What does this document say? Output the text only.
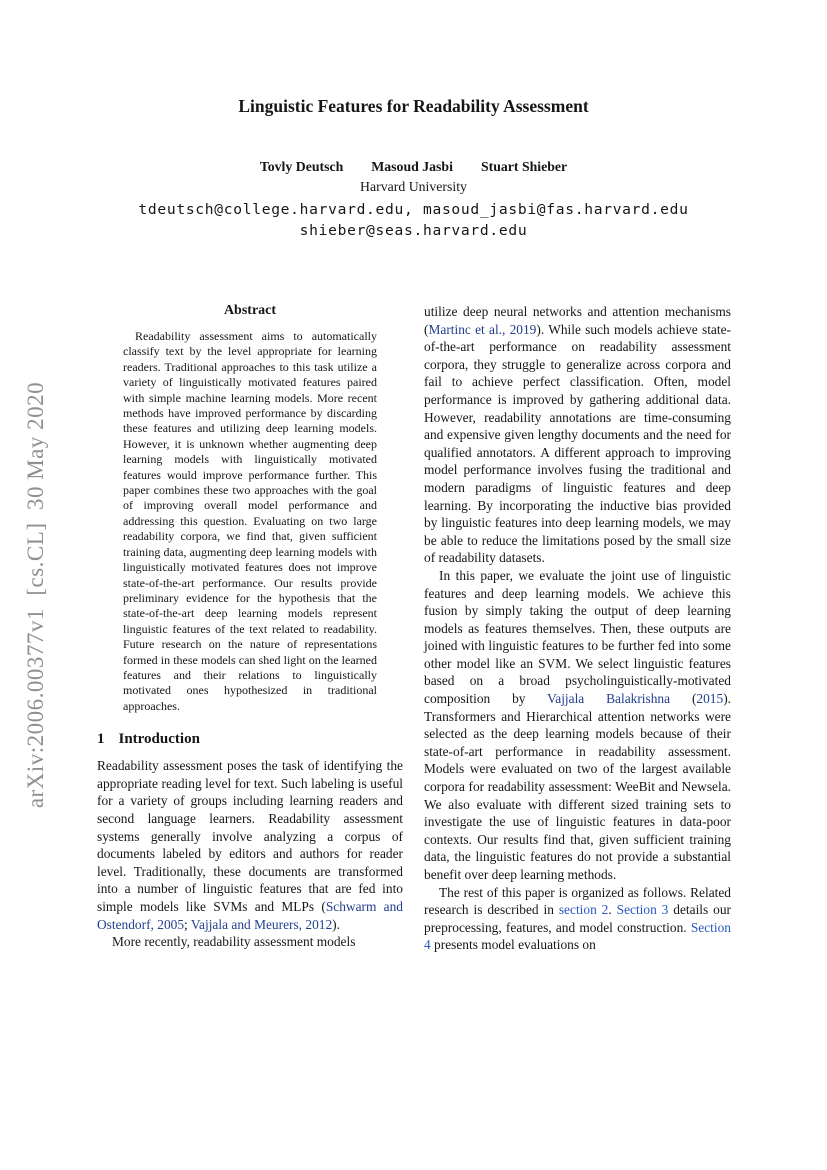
arXiv:2006.00377v1  [cs.CL]  30 May 2020
Linguistic Features for Readability Assessment
Tovly Deutsch Masoud Jasbi Stuart Shieber
Harvard University
tdeutsch@college.harvard.edu, masoud_jasbi@fas.harvard.edu
shieber@seas.harvard.edu
Abstract

Readability assessment aims to automatically classify text by the level appropriate for learning readers. Traditional approaches to this task utilize a variety of linguistically motivated features paired with simple machine learning models. More recent methods have improved performance by discarding these features and utilizing deep learning models. However, it is unknown whether augmenting deep learning models with linguistically motivated features would improve performance further. This paper combines these two approaches with the goal of improving overall model performance and addressing this question. Evaluating on two large readability corpora, we find that, given sufficient training data, augmenting deep learning models with linguistically motivated features does not improve state-of-the-art performance. Our results provide preliminary evidence for the hypothesis that the state-of-the-art deep learning models represent linguistic features of the text related to readability. Future research on the nature of representations formed in these models can shed light on the learned features and their relations to linguistically motivated ones hypothesized in traditional approaches.

1 Introduction

Readability assessment poses the task of identifying the appropriate reading level for text. Such labeling is useful for a variety of groups including learning readers and second language learners. Readability assessment systems generally involve analyzing a corpus of documents labeled by editors and authors for reader level. Traditionally, these documents are transformed into a number of linguistic features that are fed into simple models like SVMs and MLPs (Schwarm and Ostendorf, 2005; Vajjala and Meurers, 2012).

More recently, readability assessment models

utilize deep neural networks and attention mechanisms (Martinc et al., 2019). While such models achieve state-of-the-art performance on readability assessment corpora, they struggle to generalize across corpora and fail to achieve perfect classification. Often, model performance is improved by gathering additional data. However, readability annotations are time-consuming and expensive given lengthy documents and the need for qualified annotators. A different approach to improving model performance involves fusing the traditional and modern paradigms of linguistic features and deep learning. By incorporating the inductive bias provided by linguistic features into deep learning models, we may be able to reduce the limitations posed by the small size of readability datasets.

In this paper, we evaluate the joint use of linguistic features and deep learning models. We achieve this fusion by simply taking the output of deep learning models as features themselves. Then, these outputs are joined with linguistic features to be further fed into some other model like an SVM. We select linguistic features based on a broad psycholinguistically-motivated composition by Vajjala Balakrishna (2015). Transformers and Hierarchical attention networks were selected as the deep learning models because of their state-of-art performance in readability assessment. Models were evaluated on two of the largest available corpora for readability assessment: WeeBit and Newsela. We also evaluate with different sized training sets to investigate the use of linguistic features in data-poor contexts. Our results find that, given sufficient training data, the linguistic features do not provide a substantial benefit over deep learning methods.

The rest of this paper is organized as follows. Related research is described in section 2. Section 3 details our preprocessing, features, and model construction. Section 4 presents model evaluations on
